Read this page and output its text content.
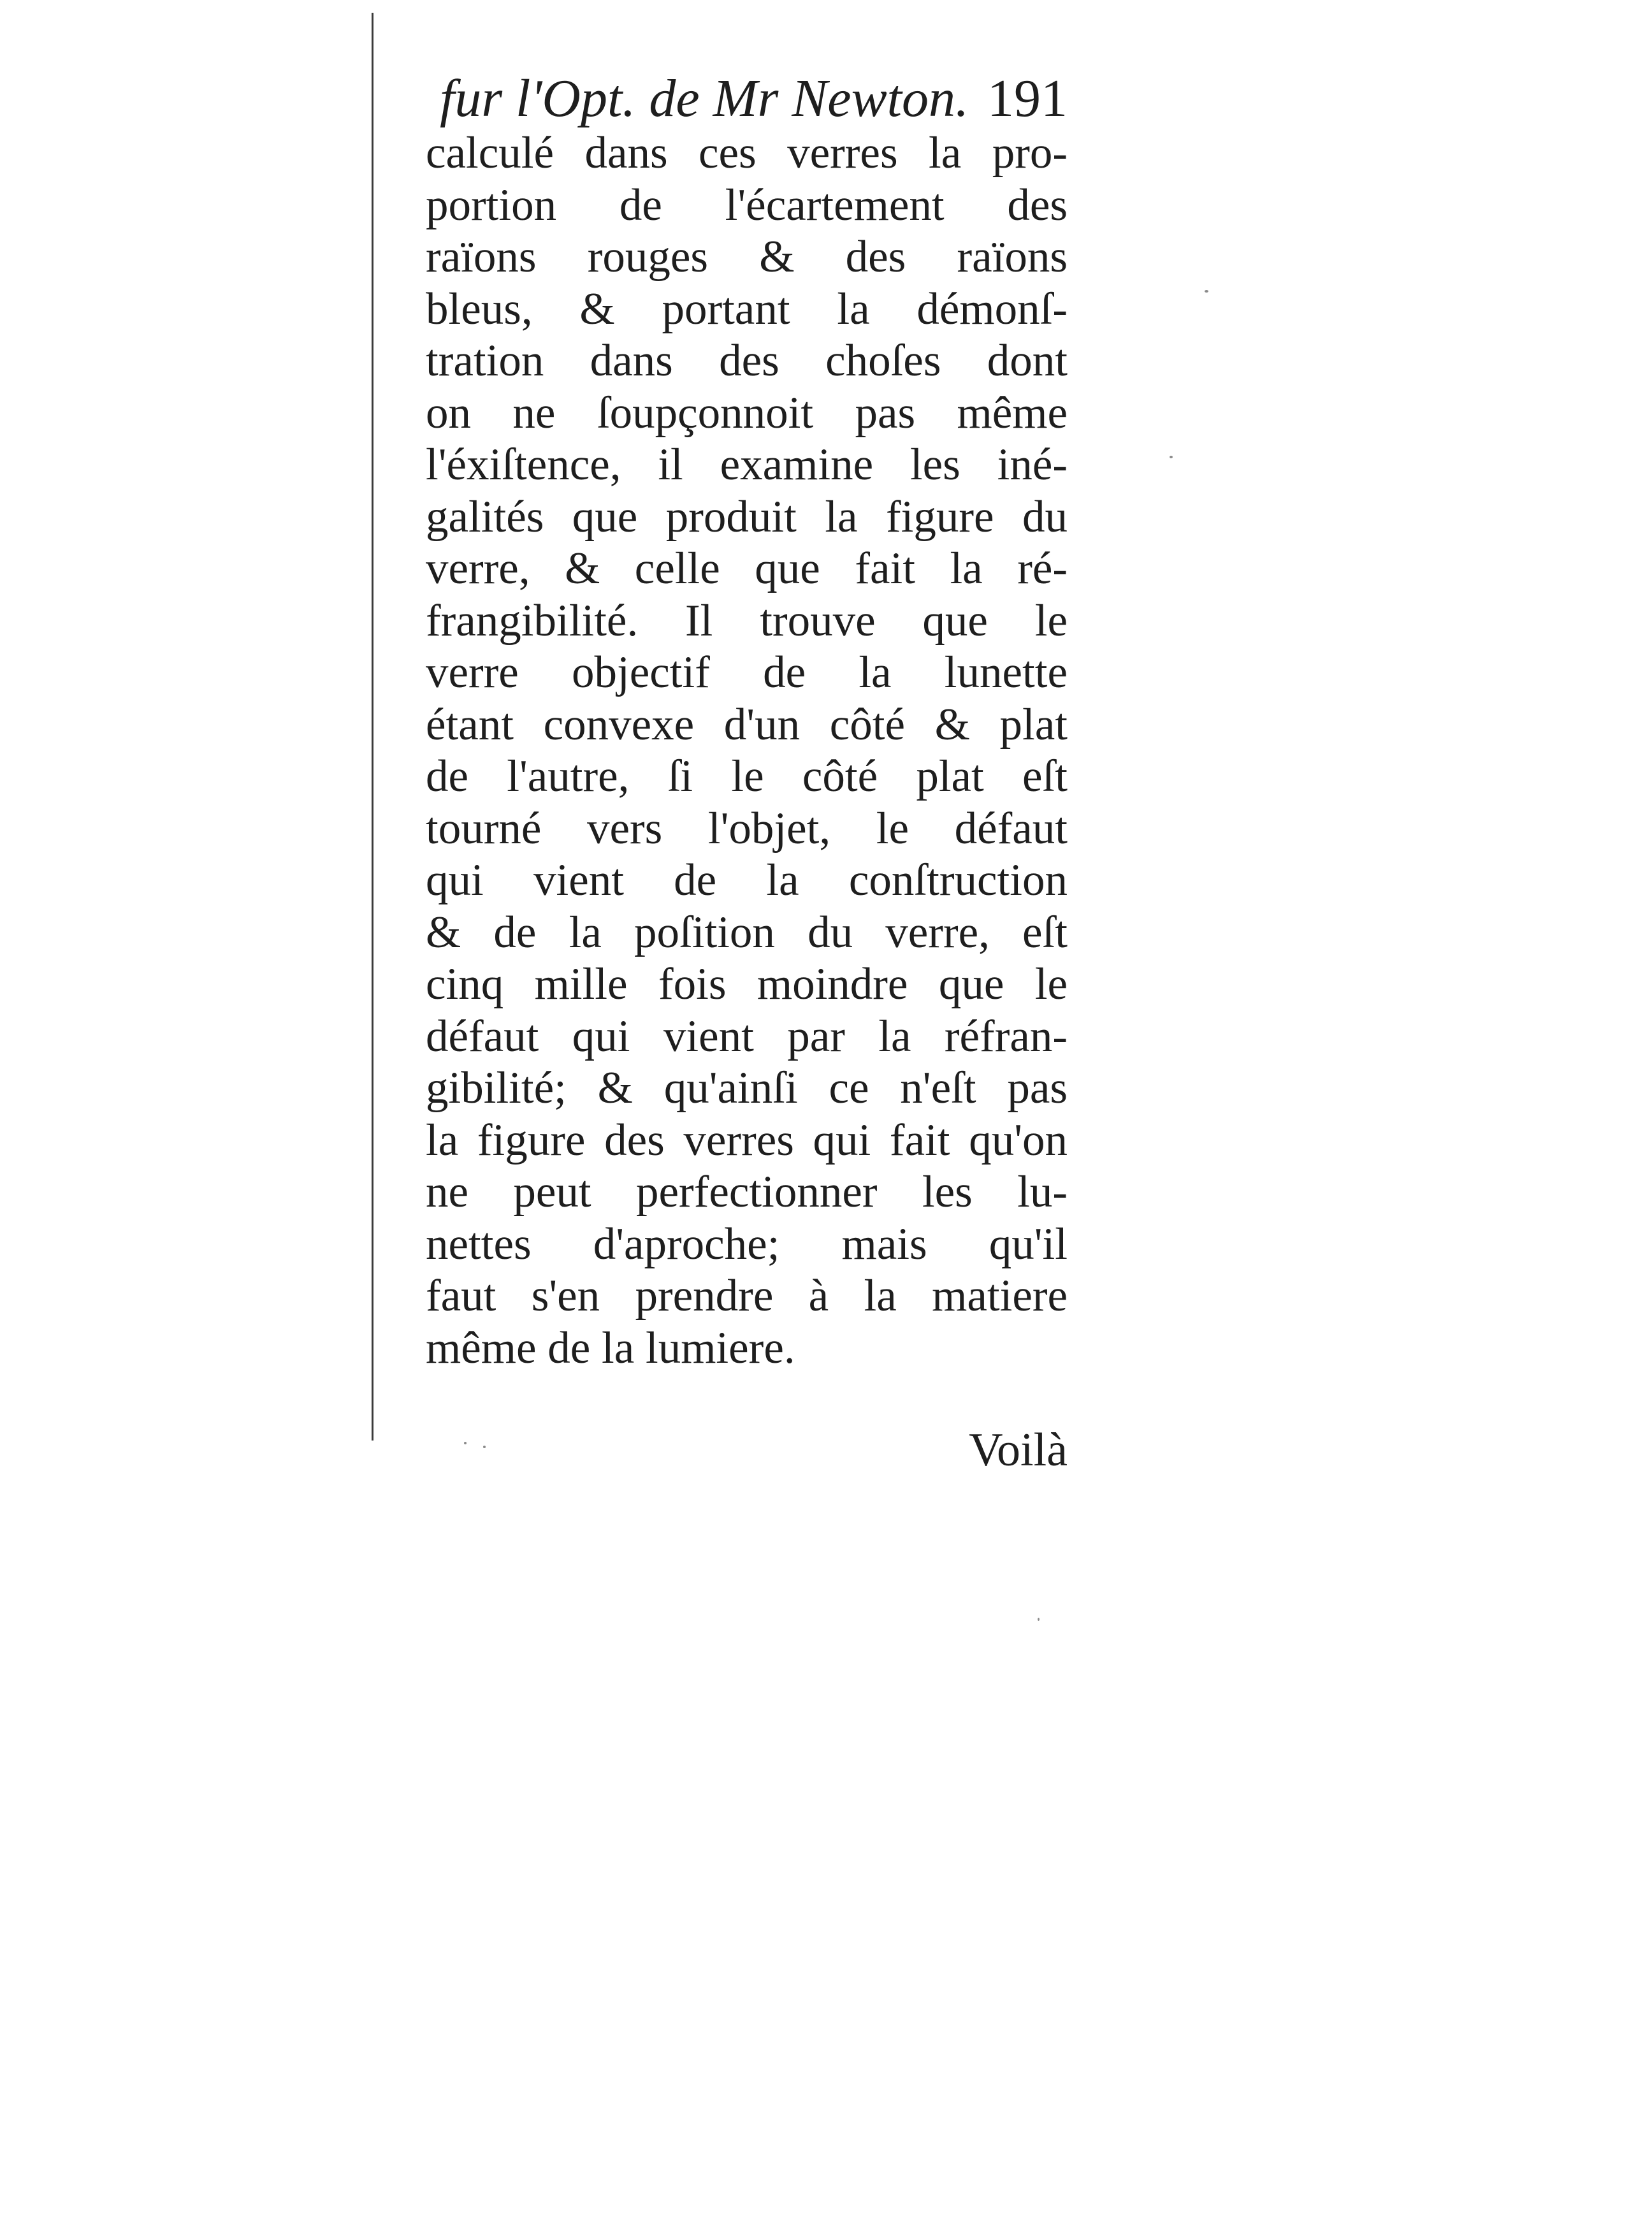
fur l'Opt. de Mr Newton. 191
calculé dans ces verres la pro-
portion de l'écartement des
raïons rouges & des raïons
bleus, & portant la démonſ-
tration dans des choſes dont
on ne ſoupçonnoit pas même
l'éxiſtence, il examine les iné-
galités que produit la figure du
verre, & celle que fait la ré-
frangibilité. Il trouve que le
verre objectif de la lunette
étant convexe d'un côté & plat
de l'autre, ſi le côté plat eſt
tourné vers l'objet, le défaut
qui vient de la conſtruction
& de la poſition du verre, eſt
cinq mille fois moindre que le
défaut qui vient par la réfran-
gibilité; & qu'ainſi ce n'eſt pas
la figure des verres qui fait qu'on
ne peut perfectionner les lu-
nettes d'aproche; mais qu'il
faut s'en prendre à la matiere
même de la lumiere.
Voilà
